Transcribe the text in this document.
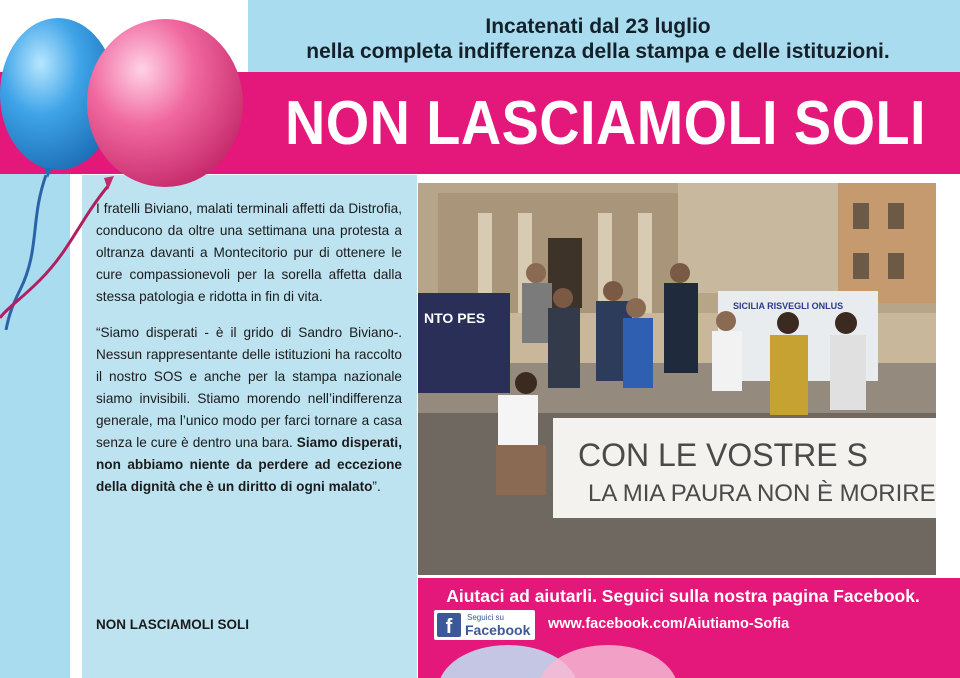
Incatenati dal 23 luglio
nella completa indifferenza della stampa e delle istituzioni.
NON LASCIAMOLI SOLI

I fratelli Biviano, malati terminali affetti da Distrofia, conducono da oltre una settimana una protesta a oltranza davanti a Montecitorio pur di ottenere le cure compassionevoli per la sorella affetta dalla stessa patologia e ridotta in fin di vita.

“Siamo disperati - è il grido di Sandro Biviano-. Nessun rappresentante delle istituzioni ha raccolto il nostro SOS e anche per la stampa nazionale siamo invisibili. Stiamo morendo nell’indifferenza generale, ma l’unico modo per farci tornare a casa senza le cure è dentro una bara. Siamo disperati, non abbiamo niente da perdere ad eccezione della dignità che è un diritto di ogni malato”.

NON LASCIAMOLI SOLI
NTO PES
SICILIA RISVEGLI ONLUS
CON LE VOSTRE S
LA MIA PAURA NON È MORIRE
Aiutaci ad aiutarli. Seguici sulla nostra pagina Facebook.
f	Seguici su
Facebook www.facebook.com/Aiutiamo-Sofia
